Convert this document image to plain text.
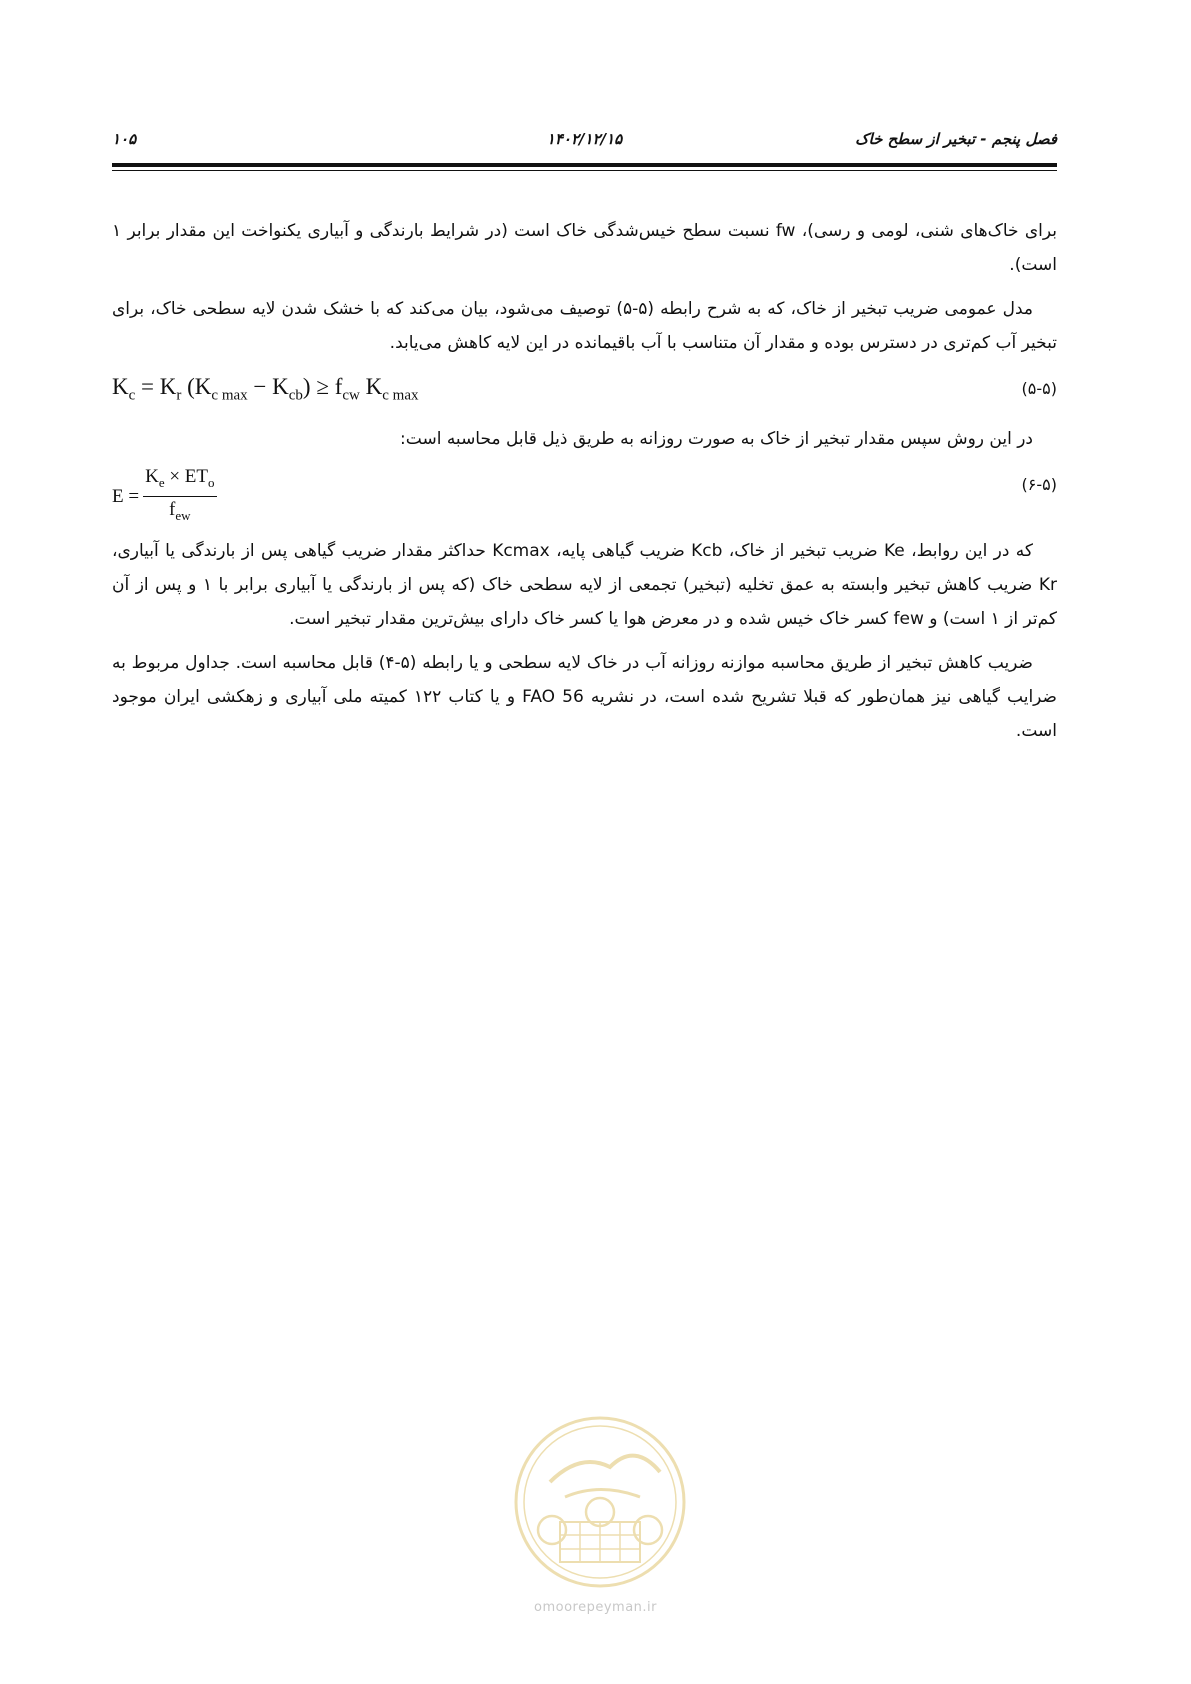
فصل پنجم - تبخیر از سطح خاک
۱۴۰۲/۱۲/۱۵
۱۰۵

برای خاک‌های شنی، لومی و رسی)، fw نسبت سطح خیس‌شدگی خاک است (در شرایط بارندگی و آبیاری یکنواخت این مقدار برابر ۱ است).

مدل عمومی ضریب تبخیر از خاک، که به شرح رابطه (۵-۵) توصیف می‌شود، بیان می‌کند که با خشک شدن لایه سطحی خاک، برای تبخیر آب کم‌تری در دسترس بوده و مقدار آن متناسب با آب باقیمانده در این لایه کاهش می‌یابد.

$K_c = K_r$ $(K_{c max} - K_{cb}) \ge f_{cw}$ $K_{c max}$	(۵-۵)

در این روش سپس مقدار تبخیر از خاک به صورت روزانه به طریق ذیل قابل محاسبه است:

$E = \frac{K_e \times ET_o}{f_{ew}}$	(۶-۵)

که در این روابط، Ke ضریب تبخیر از خاک، Kcb ضریب گیاهی پایه، Kcmax حداکثر مقدار ضریب گیاهی پس از بارندگی یا آبیاری، Kr ضریب کاهش تبخیر وابسته به عمق تخلیه (تبخیر) تجمعی از لایه سطحی خاک (که پس از بارندگی یا آبیاری برابر با ۱ و پس از آن کم‌تر از ۱ است) و few کسر خاک خیس شده و در معرض هوا یا کسر خاک دارای بیش‌ترین مقدار تبخیر است.

ضریب کاهش تبخیر از طریق محاسبه موازنه روزانه آب در خاک لایه سطحی و یا رابطه (۵-۴) قابل محاسبه است. جداول مربوط به ضرایب گیاهی نیز همان‌طور که قبلا تشریح شده است، در نشریه FAO 56 و یا کتاب ۱۲۲ کمیته ملی آبیاری و زهکشی ایران موجود است.

omoorepeyman.ir
